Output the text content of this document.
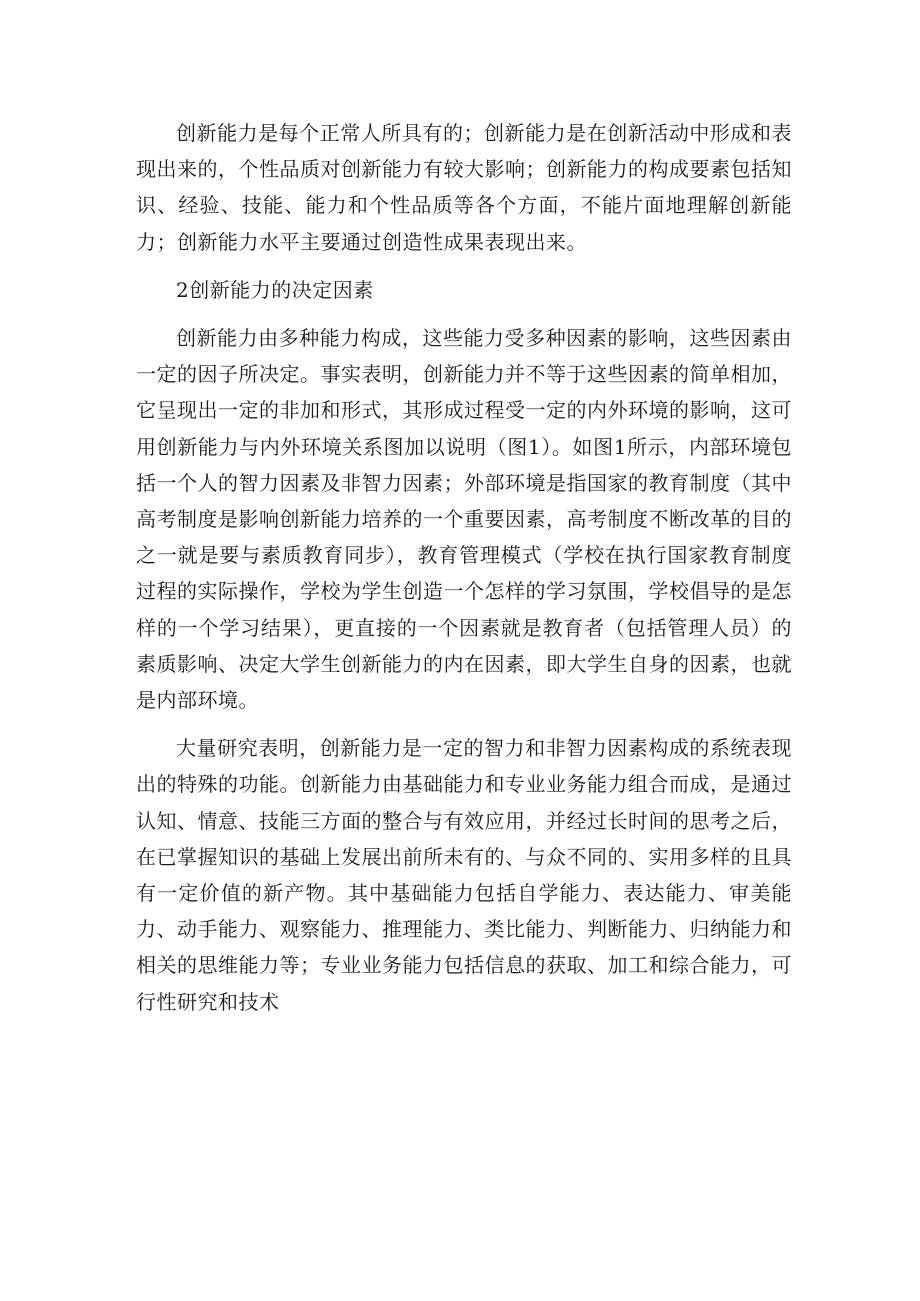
创新能力是每个正常人所具有的；创新能力是在创新活动中形成和表现出来的，个性品质对创新能力有较大影响；创新能力的构成要素包括知识、经验、技能、能力和个性品质等各个方面，不能片面地理解创新能力；创新能力水平主要通过创造性成果表现出来。

2创新能力的决定因素

创新能力由多种能力构成，这些能力受多种因素的影响，这些因素由一定的因子所决定。事实表明，创新能力并不等于这些因素的简单相加，它呈现出一定的非加和形式，其形成过程受一定的内外环境的影响，这可用创新能力与内外环境关系图加以说明（图1）。如图1所示，内部环境包括一个人的智力因素及非智力因素；外部环境是指国家的教育制度（其中高考制度是影响创新能力培养的一个重要因素，高考制度不断改革的目的之一就是要与素质教育同步），教育管理模式（学校在执行国家教育制度过程的实际操作，学校为学生创造一个怎样的学习氛围，学校倡导的是怎样的一个学习结果），更直接的一个因素就是教育者（包括管理人员）的素质影响、决定大学生创新能力的内在因素，即大学生自身的因素，也就是内部环境。

大量研究表明，创新能力是一定的智力和非智力因素构成的系统表现出的特殊的功能。创新能力由基础能力和专业业务能力组合而成，是通过认知、情意、技能三方面的整合与有效应用，并经过长时间的思考之后，在已掌握知识的基础上发展出前所未有的、与众不同的、实用多样的且具有一定价值的新产物。其中基础能力包括自学能力、表达能力、审美能力、动手能力、观察能力、推理能力、类比能力、判断能力、归纳能力和相关的思维能力等；专业业务能力包括信息的获取、加工和综合能力，可行性研究和技术
